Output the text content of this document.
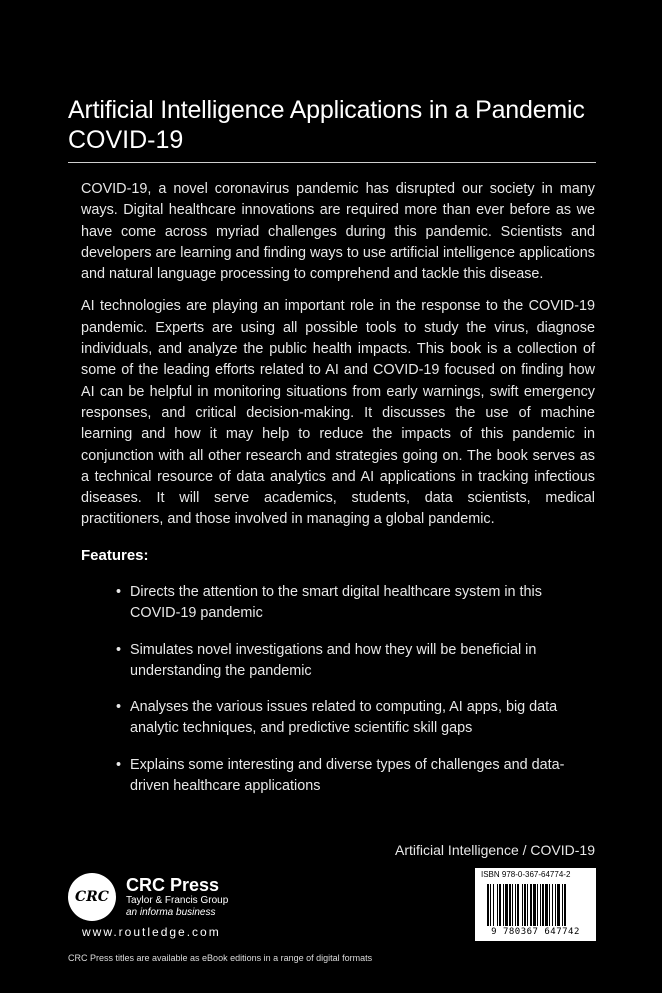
Artificial Intelligence Applications in a Pandemic
COVID-19

COVID-19, a novel coronavirus pandemic has disrupted our society in many ways. Digital healthcare innovations are required more than ever before as we have come across myriad challenges during this pandemic. Scientists and developers are learning and finding ways to use artificial intelligence applications and natural language processing to comprehend and tackle this disease.

AI technologies are playing an important role in the response to the COVID-19 pandemic. Experts are using all possible tools to study the virus, diagnose individuals, and analyze the public health impacts. This book is a collection of some of the leading efforts related to AI and COVID-19 focused on finding how AI can be helpful in monitoring situations from early warnings, swift emergency responses, and critical decision-making. It discusses the use of machine learning and how it may help to reduce the impacts of this pandemic in conjunction with all other research and strategies going on. The book serves as a technical resource of data analytics and AI applications in tracking infectious diseases. It will serve academics, students, data scientists, medical practitioners, and those involved in managing a global pandemic.

Features:
• Directs the attention to the smart digital healthcare system in this COVID-19 pandemic
• Simulates novel investigations and how they will be beneficial in understanding the pandemic
• Analyses the various issues related to computing, AI apps, big data analytic techniques, and predictive scientific skill gaps
• Explains some interesting and diverse types of challenges and data-driven healthcare applications
Artificial Intelligence / COVID-19
CRC
CRC Press
Taylor & Francis Group
an informa business
www.routledge.com
CRC Press titles are available as eBook editions in a range of digital formats
ISBN 978-0-367-64774-2
9 780367 647742
